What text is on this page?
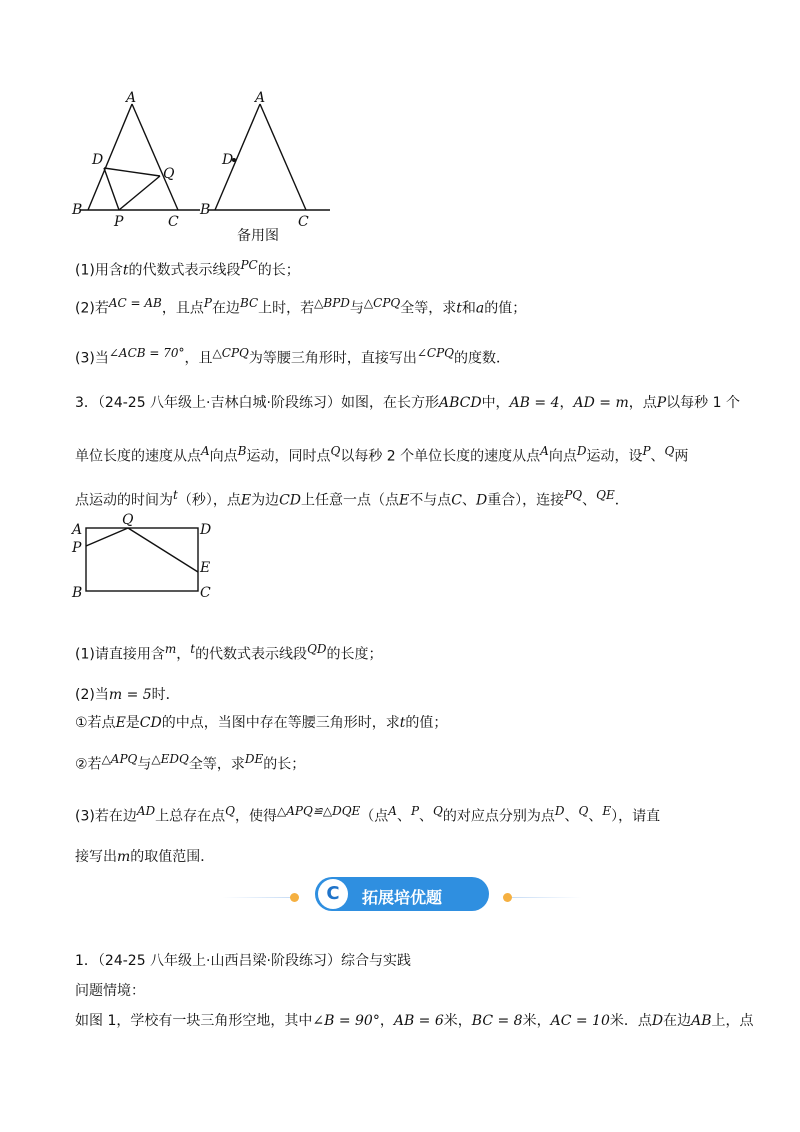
A
D
Q
B
P	C
A
D
B
C
备用图
(1)用含t的代数式表示线段$^{PC}$的长；
(2)若$^{AC = AB}$，且点$^P$在边$^{BC}$上时，若$^{\triangle BPD}$与$^{\triangle CPQ}$全等，求t和a的值；
(3)当$^{\angle ACB = 70^\circ}$，且$^{\triangle CPQ}$为等腰三角形时，直接写出$^{\angle CPQ}$的度数．
3．（24-25 八年级上·吉林白城·阶段练习）如图，在长方形ABCD中，AB = 4，AD = m，点P以每秒 1 个
单位长度的速度从点$^A$向点$^B$运动，同时点$^Q$以每秒 2 个单位长度的速度从点$^A$向点$^D$运动，设$^P$、$^Q$两
点运动的时间为$^t$（秒），点E为边CD上任意一点（点E不与点C、D重合），连接$^{PQ}$、$^{QE}$．
A
Q
D
P
E
B	C
(1)请直接用含$^m$，$^t$的代数式表示线段$^{QD}$的长度；
(2)当m = 5时．
①若点E是CD的中点，当图中存在等腰三角形时，求t的值；
②若$^{\triangle APQ}$与$^{\triangle EDQ}$全等，求$^{DE}$的长；
(3)若在边$^{AD}$上总存在点$^Q$，使得$^{\triangle APQ≌\triangle DQE}$（点$^A$、$^P$、$^Q$的对应点分别为点$^D$、$^Q$、$^E$），请直
接写出m的取值范围．
C	拓展培优题
1．（24-25 八年级上·山西吕梁·阶段练习）综合与实践
问题情境：
如图 1，学校有一块三角形空地，其中∠B = 90°，AB = 6米，BC = 8米，AC = 10米．点D在边AB上，点
